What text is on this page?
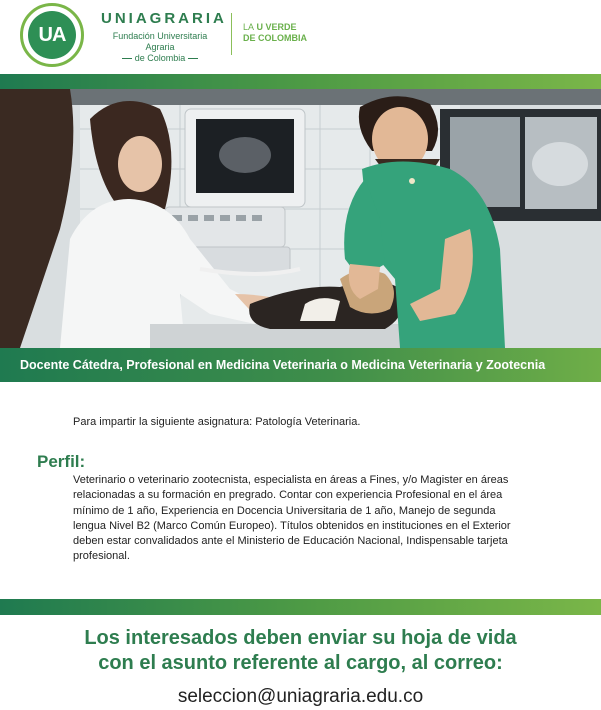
UA
UNIAGRARIA
Fundación Universitaria Agraria
de Colombia
LA U VERDE
DE COLOMBIA
Docente Cátedra, Profesional en Medicina Veterinaria o Medicina Veterinaria y Zootecnia
Para impartir la siguiente asignatura: Patología Veterinaria.
Perfil:
Veterinario o veterinario zootecnista, especialista en áreas a Fines, y/o Magister en áreas
relacionadas a su formación en pregrado. Contar con experiencia Profesional en el área
mínimo de 1 año, Experiencia en Docencia Universitaria de 1 año, Manejo de segunda
lengua Nivel B2 (Marco Común Europeo). Títulos obtenidos en instituciones en el Exterior
deben estar convalidados ante el Ministerio de Educación Nacional, Indispensable tarjeta
profesional.
Los interesados deben enviar su hoja de vida
con el asunto referente al cargo, al correo:
seleccion@uniagraria.edu.co
